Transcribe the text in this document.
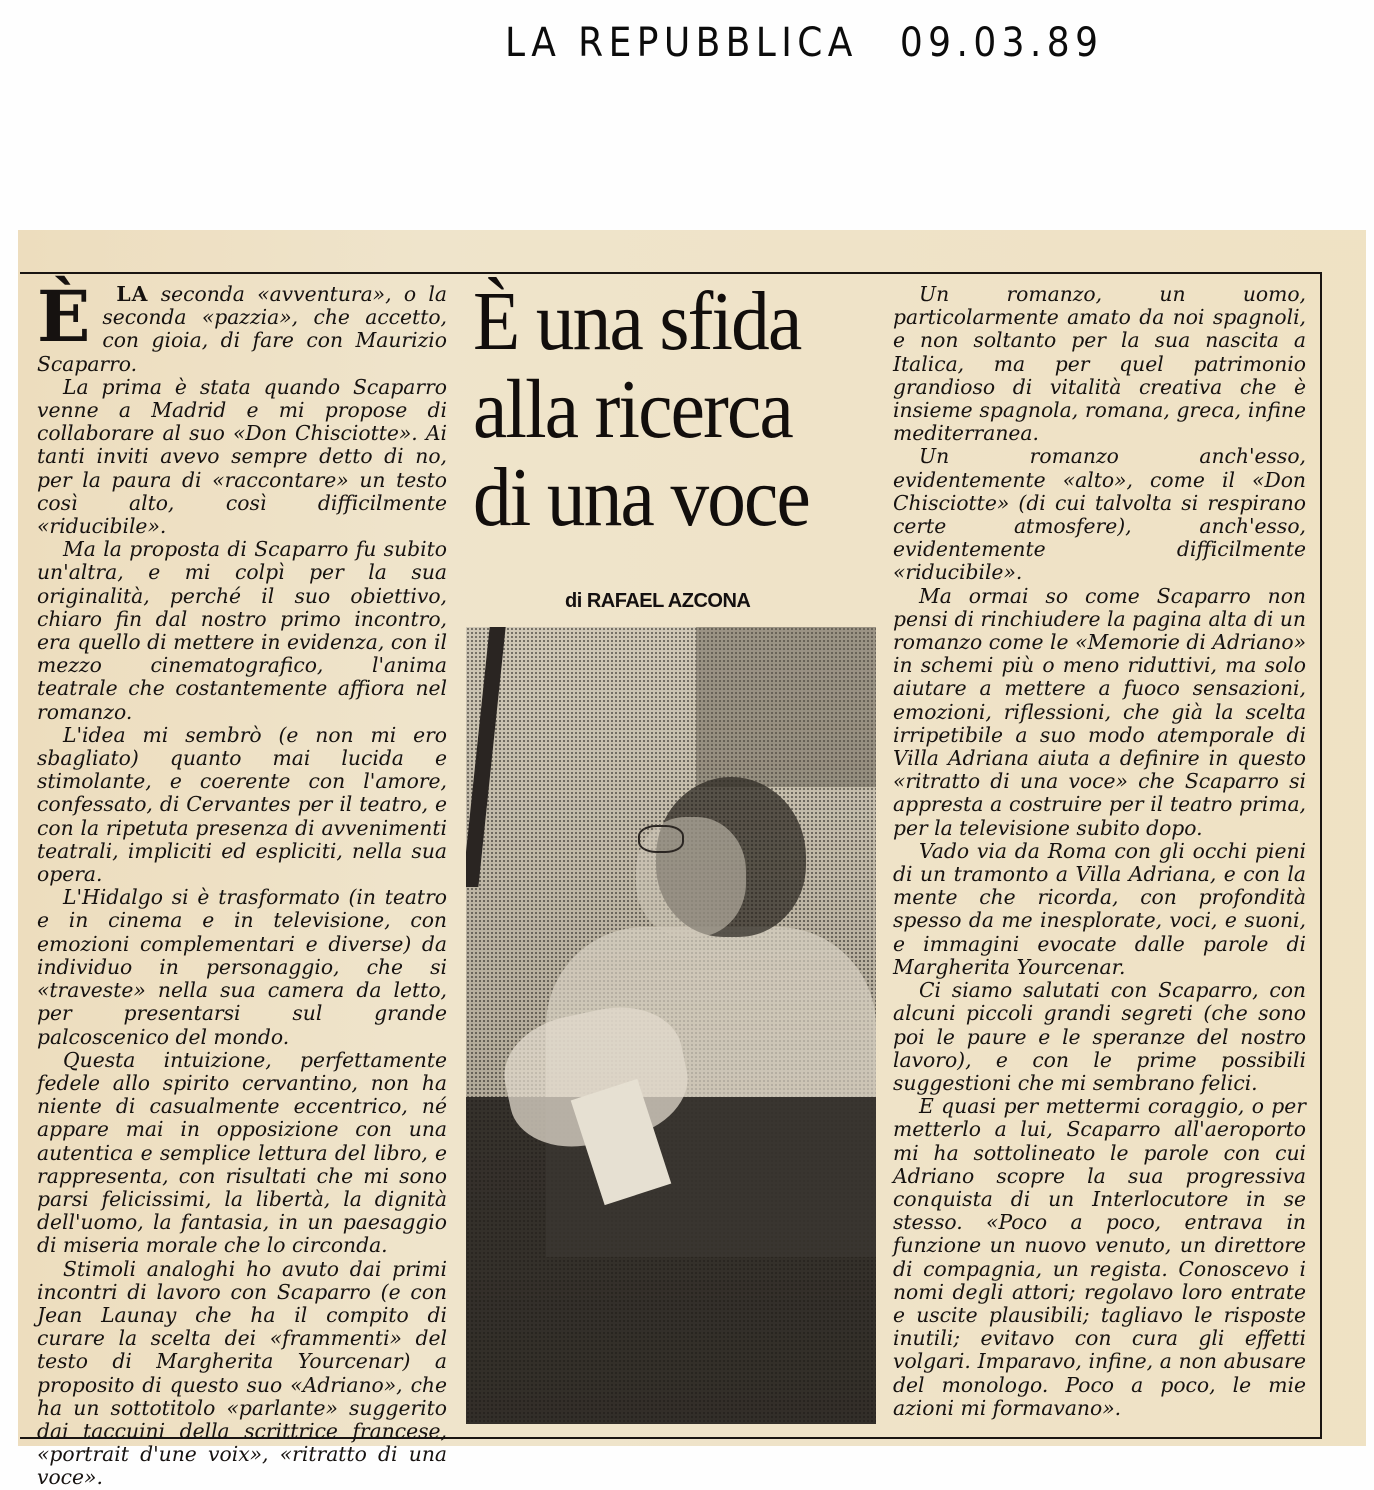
LA REPUBBLICA 09.03.89

È LA seconda «avventura», o la seconda «pazzia», che accetto, con gioia, di fare con Maurizio Scaparro.

La prima è stata quando Scaparro venne a Madrid e mi propose di collaborare al suo «Don Chisciotte». Ai tanti inviti avevo sempre detto di no, per la paura di «raccontare» un testo così alto, così difficilmente «riducibile».

Ma la proposta di Scaparro fu subito un'altra, e mi colpì per la sua originalità, perché il suo obiettivo, chiaro fin dal nostro primo incontro, era quello di mettere in evidenza, con il mezzo cinematografico, l'anima teatrale che costantemente affiora nel romanzo.

L'idea mi sembrò (e non mi ero sbagliato) quanto mai lucida e stimolante, e coerente con l'amore, confessato, di Cervantes per il teatro, e con la ripetuta presenza di avvenimenti teatrali, impliciti ed espliciti, nella sua opera.

L'Hidalgo si è trasformato (in teatro e in cinema e in televisione, con emozioni complementari e diverse) da individuo in personaggio, che si «traveste» nella sua camera da letto, per presentarsi sul grande palcoscenico del mondo.

Questa intuizione, perfettamente fedele allo spirito cervantino, non ha niente di casualmente eccentrico, né appare mai in opposizione con una autentica e semplice lettura del libro, e rappresenta, con risultati che mi sono parsi felicissimi, la libertà, la dignità dell'uomo, la fantasia, in un paesaggio di miseria morale che lo circonda.

Stimoli analoghi ho avuto dai primi incontri di lavoro con Scaparro (e con Jean Launay che ha il compito di curare la scelta dei «frammenti» del testo di Margherita Yourcenar) a proposito di questo suo «Adriano», che ha un sottotitolo «parlante» suggerito dai taccuini della scrittrice francese, «portrait d'une voix», «ritratto di una voce».

È una sfida
alla ricerca
di una voce
di RAFAEL AZCONA

Un romanzo, un uomo, particolarmente amato da noi spagnoli, e non soltanto per la sua nascita a Italica, ma per quel patrimonio grandioso di vitalità creativa che è insieme spagnola, romana, greca, infine mediterranea.

Un romanzo anch'esso, evidentemente «alto», come il «Don Chisciotte» (di cui talvolta si respirano certe atmosfere), anch'esso, evidentemente difficilmente «riducibile».

Ma ormai so come Scaparro non pensi di rinchiudere la pagina alta di un romanzo come le «Memorie di Adriano» in schemi più o meno riduttivi, ma solo aiutare a mettere a fuoco sensazioni, emozioni, riflessioni, che già la scelta irripetibile a suo modo atemporale di Villa Adriana aiuta a definire in questo «ritratto di una voce» che Scaparro si appresta a costruire per il teatro prima, per la televisione subito dopo.

Vado via da Roma con gli occhi pieni di un tramonto a Villa Adriana, e con la mente che ricorda, con profondità spesso da me inesplorate, voci, e suoni, e immagini evocate dalle parole di Margherita Yourcenar.

Ci siamo salutati con Scaparro, con alcuni piccoli grandi segreti (che sono poi le paure e le speranze del nostro lavoro), e con le prime possibili suggestioni che mi sembrano felici.

E quasi per mettermi coraggio, o per metterlo a lui, Scaparro all'aeroporto mi ha sottolineato le parole con cui Adriano scopre la sua progressiva conquista di un Interlocutore in se stesso. «Poco a poco, entrava in funzione un nuovo venuto, un direttore di compagnia, un regista. Conoscevo i nomi degli attori; regolavo loro entrate e uscite plausibili; tagliavo le risposte inutili; evitavo con cura gli effetti volgari. Imparavo, infine, a non abusare del monologo. Poco a poco, le mie azioni mi formavano».
